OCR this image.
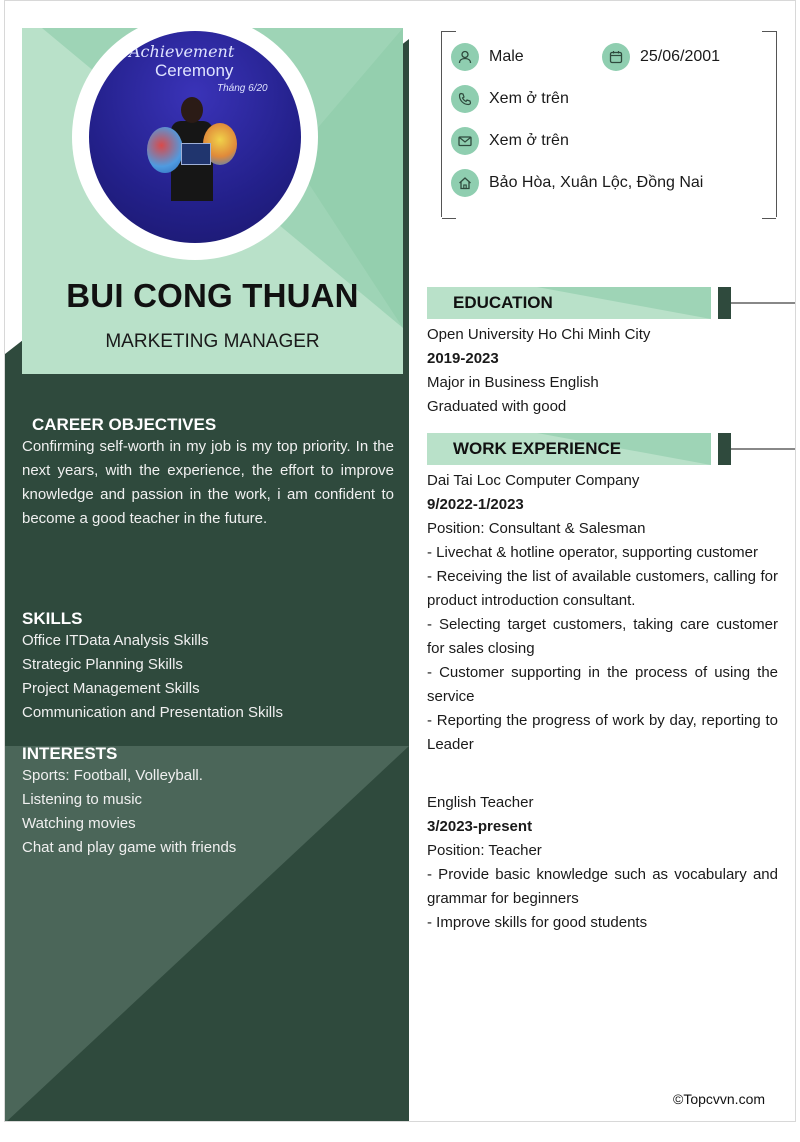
Achievement
Ceremony
Tháng 6/20
BUI CONG THUAN
MARKETING MANAGER
CAREER OBJECTIVES

Confirming self-worth in my job is my top priority. In the next years, with the experience, the effort to improve knowledge and passion in the work, i am confident to become a good teacher in the future.

SKILLS
Office ITData Analysis Skills
Strategic Planning Skills
Project Management Skills
Communication and Presentation Skills
INTERESTS
Sports: Football, Volleyball.
Listening to music
Watching movies
Chat and play game with friends
Male	25/06/2001
Xem ở trên
Xem ở trên
Bảo Hòa, Xuân Lộc, Đồng Nai
EDUCATION
Open University Ho Chi Minh City
2019-2023
Major in Business English
Graduated with good
WORK EXPERIENCE
Dai Tai Loc Computer Company
9/2022-1/2023
Position: Consultant & Salesman
- Livechat & hotline operator, supporting customer
- Receiving the list of available customers, calling for product introduction consultant.
- Selecting target customers, taking care customer for sales closing
- Customer supporting in the process of using the service
- Reporting the progress of work by day, reporting to Leader
English Teacher
3/2023-present
Position: Teacher
- Provide basic knowledge such as vocabulary and grammar for beginners
- Improve skills for good students
©Topcvvn.com
